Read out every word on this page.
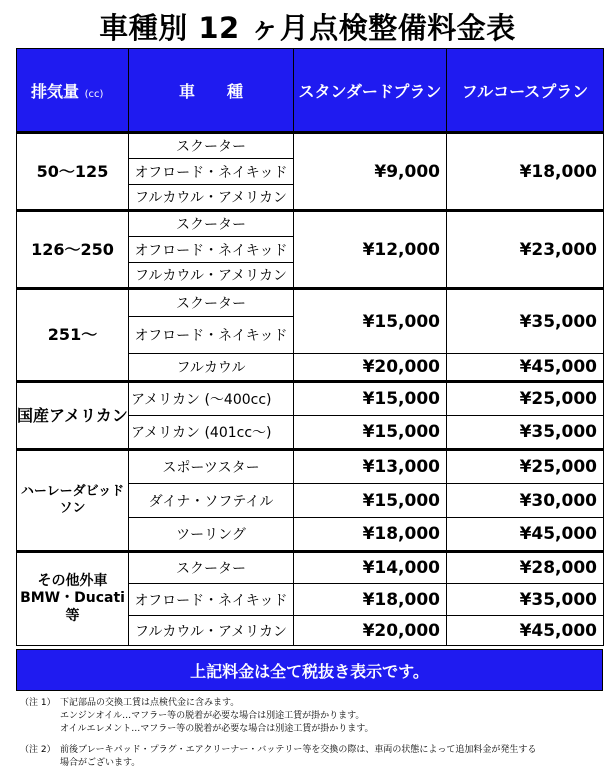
車種別 12 ヶ月点検整備料金表
排気量 (cc)	車　　種	スタンダードプラン	フルコースプラン
50〜125	スクーター	¥9,000	¥18,000
	オフロード・ネイキッド		
	フルカウル・アメリカン		
126〜250	スクーター	¥12,000	¥23,000
	オフロード・ネイキッド		
	フルカウル・アメリカン		
251〜	スクーター	¥15,000	¥35,000
	オフロード・ネイキッド		
	フルカウル	¥20,000	¥45,000
国産アメリカン	アメリカン (〜400cc)	¥15,000	¥25,000
	アメリカン (401cc〜)	¥15,000	¥35,000
ハーレーダビッドソン	スポーツスター	¥13,000	¥25,000
	ダイナ・ソフテイル	¥15,000	¥30,000
	ツーリング	¥18,000	¥45,000

その他外車
BMW・Ducati 等	スクーター	¥14,000	¥28,000
	オフロード・ネイキッド	¥18,000	¥35,000
	フルカウル・アメリカン	¥20,000	¥45,000
上記料金は全て税抜き表示です。
（注 1） 下記部品の交換工賃は点検代金に含みます。
エンジンオイル…マフラー等の脱着が必要な場合は別途工賃が掛かります。
オイルエレメント…マフラー等の脱着が必要な場合は別途工賃が掛かります。
（注 2） 前後ブレーキパッド・プラグ・エアクリーナー・バッテリー等を交換の際は、車両の状態によって追加料金が発生する
場合がございます。
